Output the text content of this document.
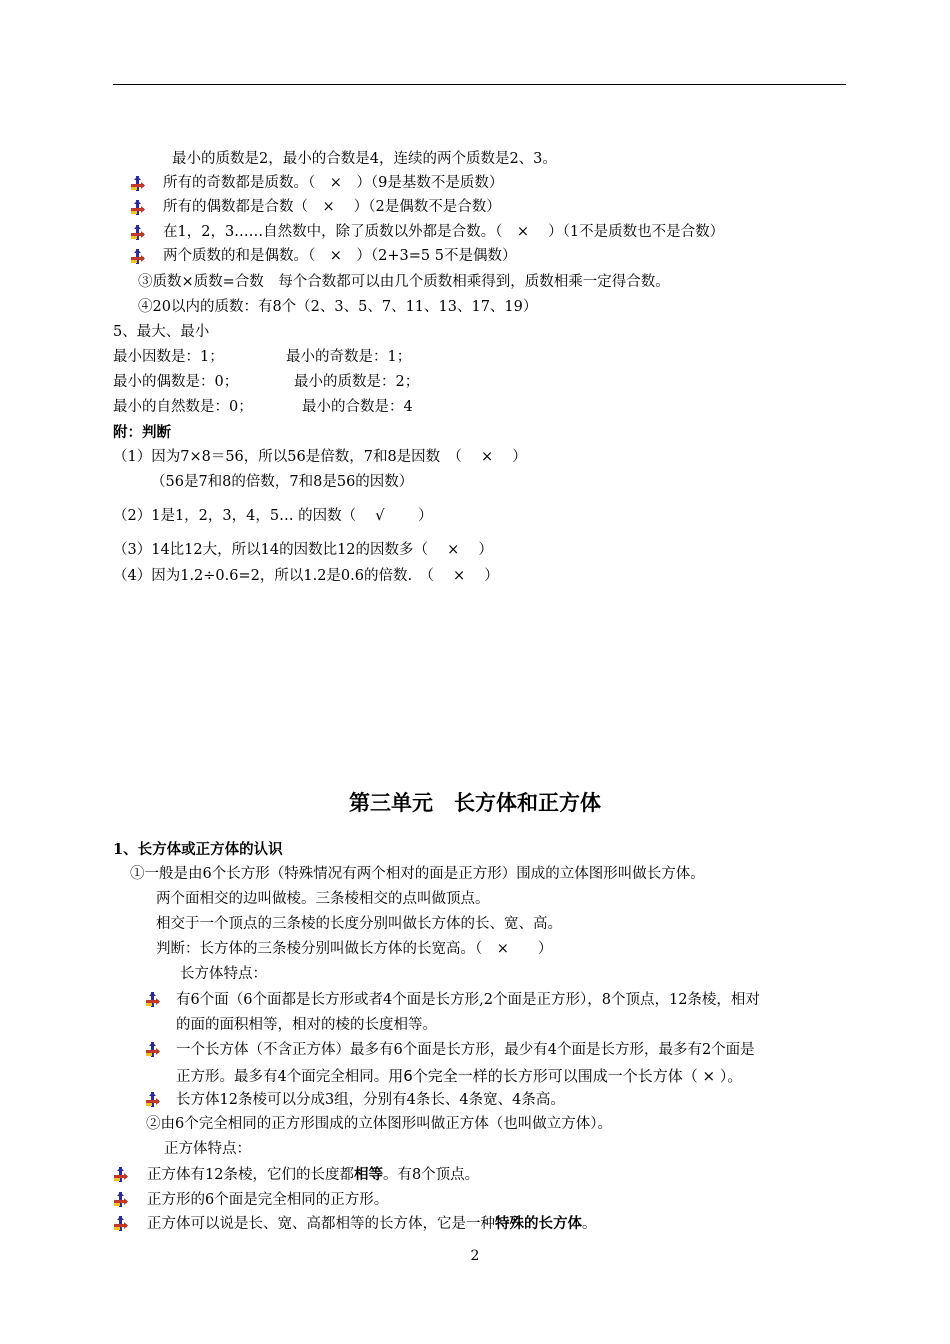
最小的质数是2，最小的合数是4，连续的两个质数是2、3。
所有的奇数都是质数。（　×　）（9是基数不是质数）
所有的偶数都是合数（　×　 ）（2是偶数不是合数）
在1，2，3……自然数中，除了质数以外都是合数。（　×　 ）（1不是质数也不是合数）
两个质数的和是偶数。（　×　）（2+3=5 5不是偶数）
③质数×质数=合数　每个合数都可以由几个质数相乘得到，质数相乘一定得合数。
④20以内的质数：有8个（2、3、5、7、11、13、17、19）
5、最大、最小
最小因数是：1；	最小的奇数是：1；
最小的偶数是：0；	最小的质数是：2；
最小的自然数是：0；	最小的合数是：4
附：判断
（1）因为7×8＝56，所以56是倍数，7和8是因数　（　 ×　 ）
（56是7和8的倍数，7和8是56的因数）
（2）1是1，2，3，4，5… 的因数（　 √　　 ）
（3）14比12大，所以14的因数比12的因数多（　 ×　 ）
（4）因为1.2÷0.6=2，所以1.2是0.6的倍数.　（　 ×　 ）
第三单元　长方体和正方体
1、长方体或正方体的认识
①一般是由6个长方形（特殊情况有两个相对的面是正方形）围成的立体图形叫做长方体。
两个面相交的边叫做棱。三条棱相交的点叫做顶点。
相交于一个顶点的三条棱的长度分别叫做长方体的长、宽、高。
判断：长方体的三条棱分别叫做长方体的长宽高。（　×　　）
长方体特点：
有6个面（6个面都是长方形或者4个面是长方形,2个面是正方形），8个顶点，12条棱，相对
的面的面积相等，相对的棱的长度相等。
一个长方体（不含正方体）最多有6个面是长方形，最少有4个面是长方形，最多有2个面是
正方形。最多有4个面完全相同。用6个完全一样的长方形可以围成一个长方体（ × ）。
长方体12条棱可以分成3组，分别有4条长、4条宽、4条高。
②由6个完全相同的正方形围成的立体图形叫做正方体（也叫做立方体）。
正方体特点：
正方体有12条棱，它们的长度都相等。有8个顶点。
正方形的6个面是完全相同的正方形。
正方体可以说是长、宽、高都相等的长方体，它是一种特殊的长方体。
2
